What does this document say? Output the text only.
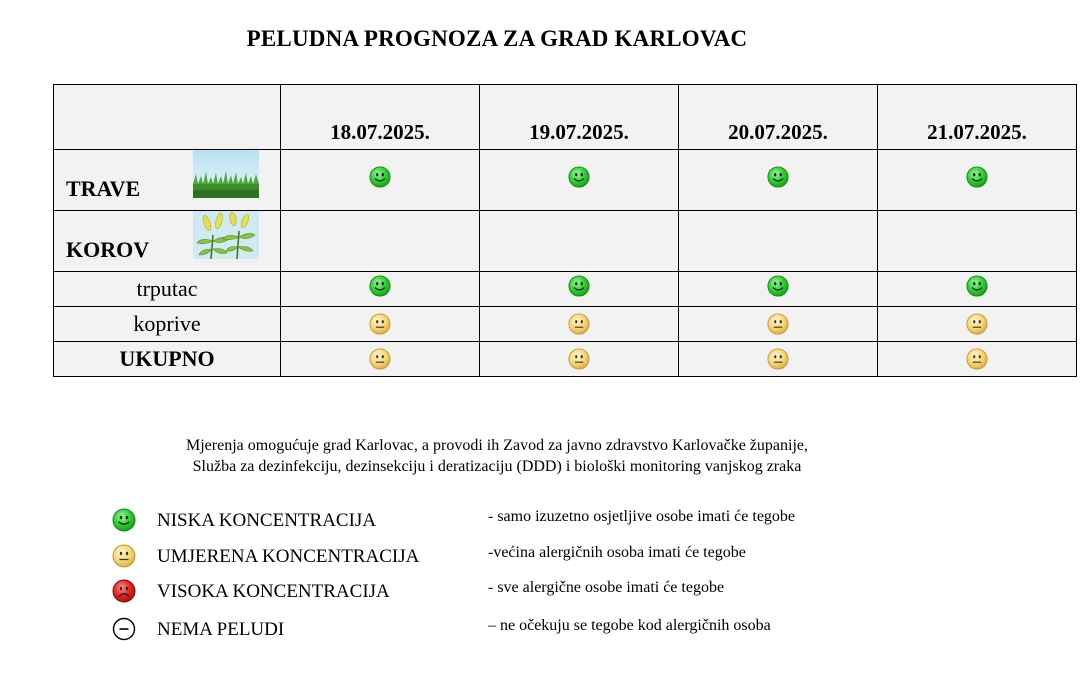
PELUDNA PROGNOZA ZA GRAD KARLOVAC
	18.07.2025.	19.07.2025.	20.07.2025.	21.07.2025.

TRAVE

KOROV				

trputac				
koprive				
UKUPNO				
Mjerenja omogućuje grad Karlovac, a provodi ih Zavod za javno zdravstvo Karlovačke županije,
Služba za dezinfekciju, dezinsekciju i deratizaciju (DDD) i biološki monitoring vanjskog zraka
NISKA KONCENTRACIJA	- samo izuzetno osjetljive osobe imati će tegobe
UMJERENA KONCENTRACIJA	-većina alergičnih osoba imati će tegobe
VISOKA KONCENTRACIJA	- sve alergične osobe imati će tegobe
NEMA PELUDI	– ne očekuju se tegobe kod alergičnih osoba
